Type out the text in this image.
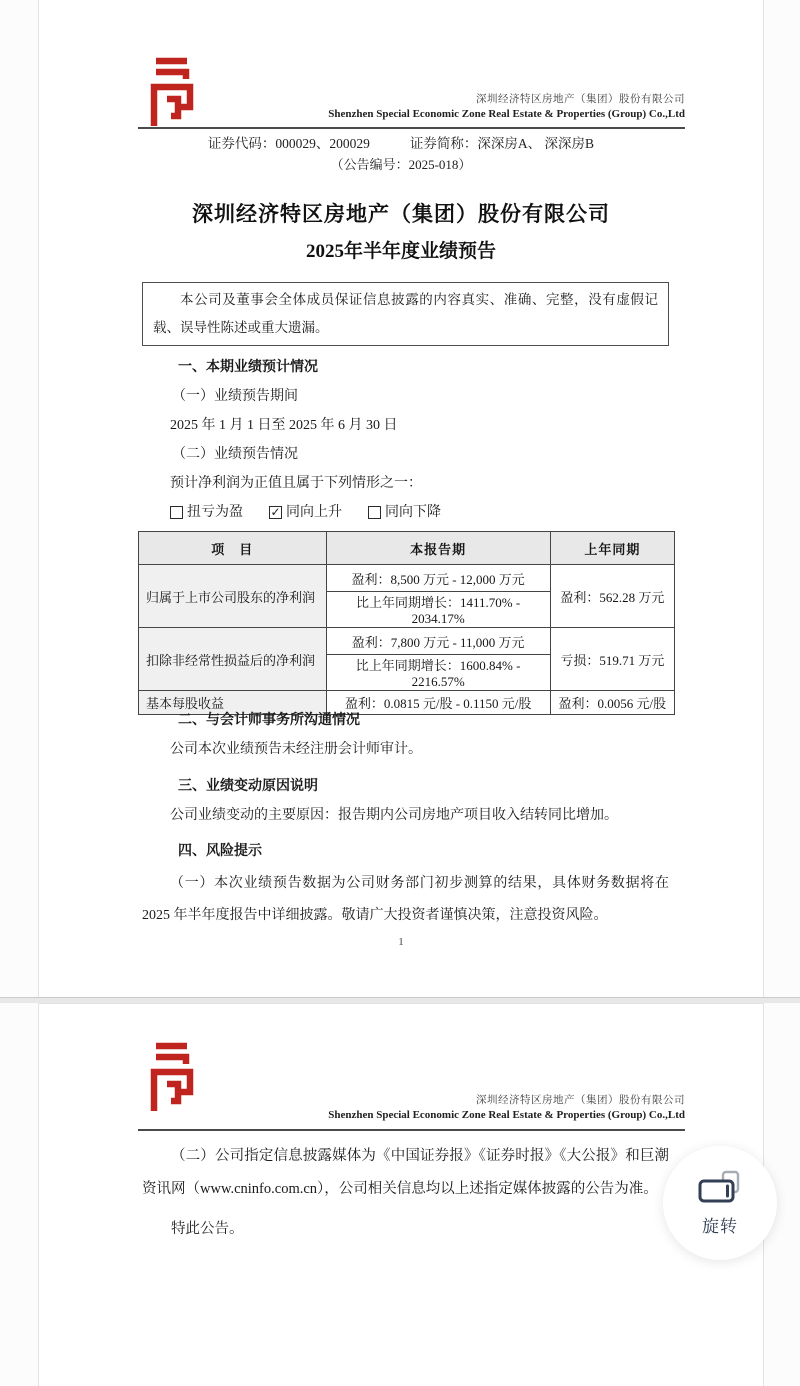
深圳经济特区房地产（集团）股份有限公司
Shenzhen Special Economic Zone Real Estate & Properties (Group) Co.,Ltd
证券代码：000029、200029	证券简称：深深房A、 深深房B
（公告编号：2025-018）
深圳经济特区房地产（集团）股份有限公司
2025年半年度业绩预告
本公司及董事会全体成员保证信息披露的内容真实、准确、完整，没有虚假记载、误导性陈述或重大遗漏。
一、本期业绩预计情况
（一）业绩预告期间
2025 年 1 月 1 日至 2025 年 6 月 30 日
（二）业绩预告情况
预计净利润为正值且属于下列情形之一：
扭亏为盈 ✓ 同向上升	同向下降
项　目	本报告期	上年同期
归属于上市公司股东的净利润	盈利：8,500 万元 - 12,000 万元	盈利：562.28 万元
	比上年同期增长：1411.70% - 2034.17%	
扣除非经常性损益后的净利润	盈利：7,800 万元 - 11,000 万元	亏损：519.71 万元
	比上年同期增长：1600.84% - 2216.57%	
基本每股收益	盈利：0.0815 元/股 - 0.1150 元/股	盈利：0.0056 元/股
二、与会计师事务所沟通情况
公司本次业绩预告未经注册会计师审计。
三、业绩变动原因说明
公司业绩变动的主要原因：报告期内公司房地产项目收入结转同比增加。
四、风险提示

（一）本次业绩预告数据为公司财务部门初步测算的结果，具体财务数据将在 2025 年半年度报告中详细披露。敬请广大投资者谨慎决策，注意投资风险。

1
深圳经济特区房地产（集团）股份有限公司
Shenzhen Special Economic Zone Real Estate & Properties (Group) Co.,Ltd

（二）公司指定信息披露媒体为《中国证券报》《证券时报》《大公报》和巨潮资讯网（www.cninfo.com.cn），公司相关信息均以上述指定媒体披露的公告为准。

特此公告。	旋转
